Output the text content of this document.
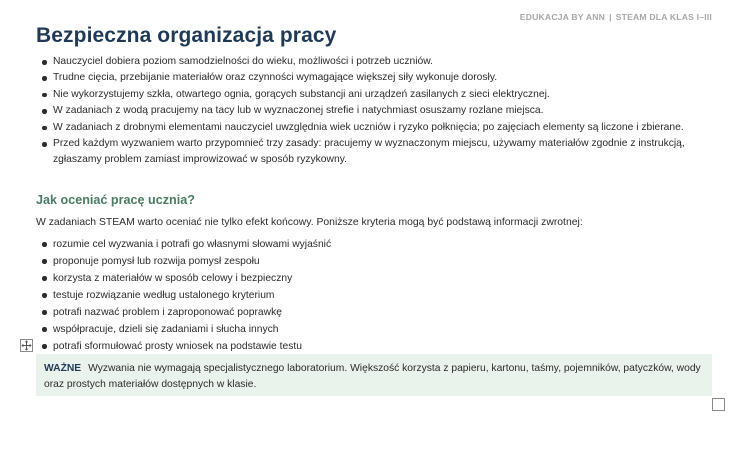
EDUKACJA BY ANN | STEAM DLA KLAS I–III
Bezpieczna organizacja pracy
Nauczyciel dobiera poziom samodzielności do wieku, możliwości i potrzeb uczniów.
Trudne cięcia, przebijanie materiałów oraz czynności wymagające większej siły wykonuje dorosły.
Nie wykorzystujemy szkła, otwartego ognia, gorących substancji ani urządzeń zasilanych z sieci elektrycznej.
W zadaniach z wodą pracujemy na tacy lub w wyznaczonej strefie i natychmiast osuszamy rozlane miejsca.
W zadaniach z drobnymi elementami nauczyciel uwzględnia wiek uczniów i ryzyko połknięcia; po zajęciach elementy są liczone i zbierane.
Przed każdym wyzwaniem warto przypomnieć trzy zasady: pracujemy w wyznaczonym miejscu, używamy materiałów zgodnie z instrukcją, zgłaszamy problem zamiast improwizować w sposób ryzykowny.
Jak oceniać pracę ucznia?

W zadaniach STEAM warto oceniać nie tylko efekt końcowy. Poniższe kryteria mogą być podstawą informacji zwrotnej:

rozumie cel wyzwania i potrafi go własnymi słowami wyjaśnić
proponuje pomysł lub rozwija pomysł zespołu
korzysta z materiałów w sposób celowy i bezpieczny
testuje rozwiązanie według ustalonego kryterium
potrafi nazwać problem i zaproponować poprawkę
współpracuje, dzieli się zadaniami i słucha innych
potrafi sformułować prosty wniosek na podstawie testu
WAŻNE Wyzwania nie wymagają specjalistycznego laboratorium. Większość korzysta z papieru, kartonu, taśmy, pojemników, patyczków, wody oraz prostych materiałów dostępnych w klasie.
